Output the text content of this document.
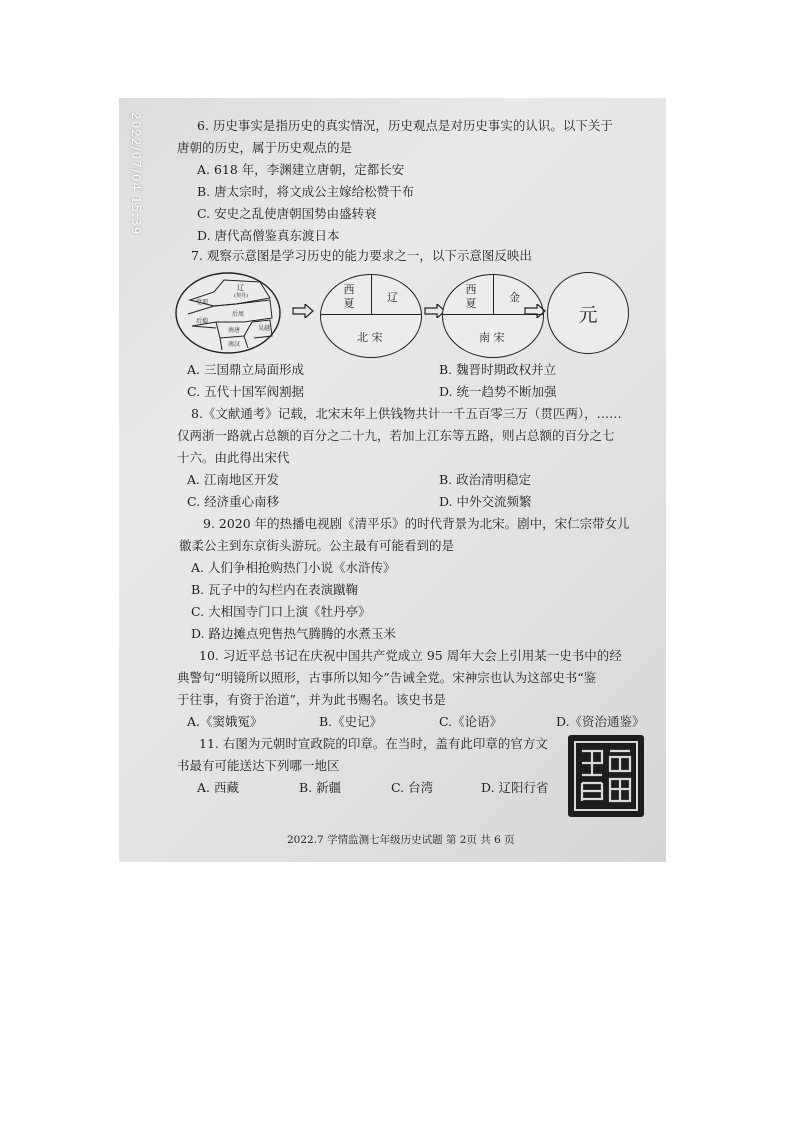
2022/07/04 15:39	6. 历史事实是指历史的真实情况，历史观点是对历史事实的认识。以下关于
唐朝的历史，属于历史观点的是
A. 618 年，李渊建立唐朝，定都长安
B. 唐太宗时，将文成公主嫁给松赞干布
C. 安史之乱使唐朝国势由盛转衰
D. 唐代高僧鉴真东渡日本
7. 观察示意图是学习历史的能力要求之一，以下示意图反映出
辽
(契丹)
党项
后周
后蜀
南唐	吴越
南汉
西
夏	辽
北 宋
西
夏	金
南 宋
元
A. 三国鼎立局面形成	B. 魏晋时期政权并立
C. 五代十国军阀割据	D. 统一趋势不断加强
8.《文献通考》记载，北宋末年上供钱物共计一千五百零三万（贯匹两），……
仅两浙一路就占总额的百分之二十九，若加上江东等五路，则占总额的百分之七
十六。由此得出宋代
A. 江南地区开发	B. 政治清明稳定
C. 经济重心南移	D. 中外交流频繁
9. 2020 年的热播电视剧《清平乐》的时代背景为北宋。剧中，宋仁宗带女儿
徽柔公主到东京街头游玩。公主最有可能看到的是
A. 人们争相抢购热门小说《水浒传》
B. 瓦子中的勾栏内在表演蹴鞠
C. 大相国寺门口上演《牡丹亭》
D. 路边摊点兜售热气腾腾的水煮玉米
10. 习近平总书记在庆祝中国共产党成立 95 周年大会上引用某一史书中的经
典警句“明镜所以照形，古事所以知今”告诫全党。宋神宗也认为这部史书“鉴
于往事，有资于治道”，并为此书赐名。该史书是
A.《窦娥冤》	B.《史记》	C.《论语》	D.《资治通鉴》
11. 右图为元朝时宣政院的印章。在当时，盖有此印章的官方文
书最有可能送达下列哪一地区
A. 西藏	B. 新疆	C. 台湾	D. 辽阳行省
2022.7 学情监测七年级历史试题 第 2页 共 6 页
